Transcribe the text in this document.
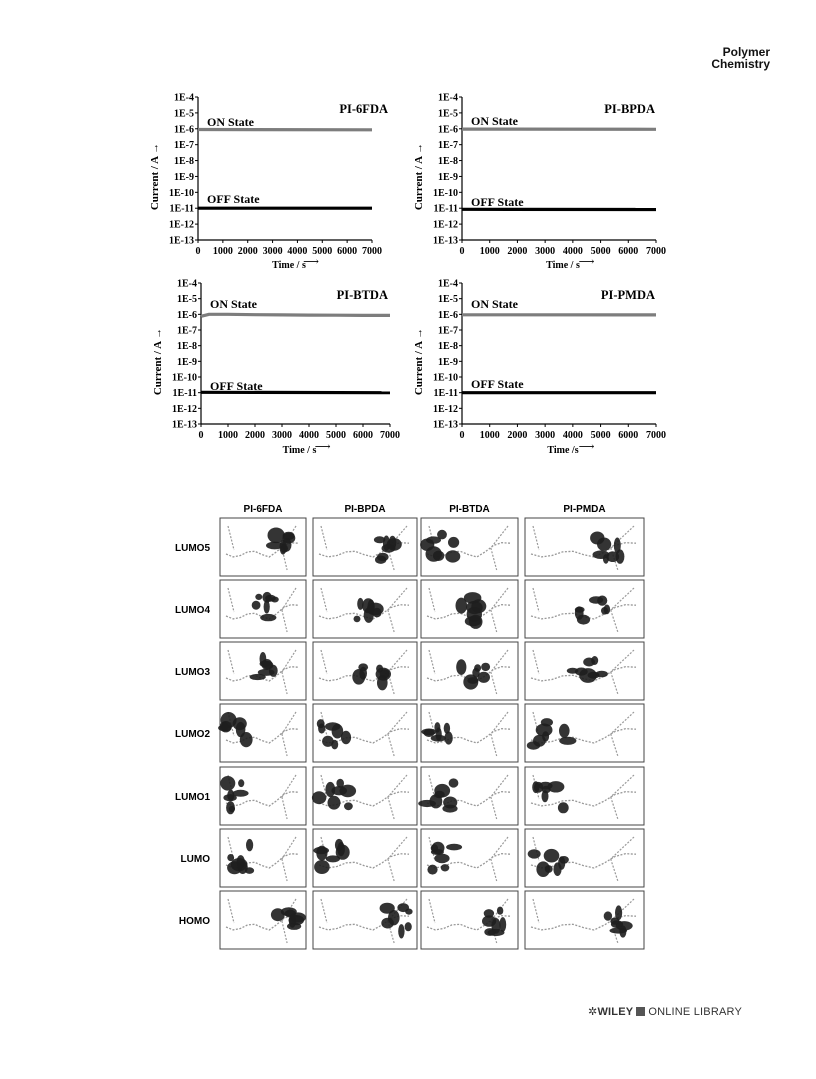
Polymer
Chemistry
1E-13
1E-12
1E-11
1E-10
1E-9
1E-8
1E-7
1E-6
1E-5
1E-4
0 1000 2000 3000 4000 5000 6000 7000
Time / s
⟶
Current / A →
PI-6FDA
ON State
OFF State
1E-13
1E-12
1E-11
1E-10
1E-9
1E-8
1E-7
1E-6
1E-5
1E-4
0 1000 2000 3000 4000 5000 6000 7000
Time / s
⟶
Current / A →
PI-BPDA
ON State
OFF State
1E-13
1E-12
1E-11
1E-10
1E-9
1E-8
1E-7
1E-6
1E-5
1E-4
0 1000 2000 3000 4000 5000 6000 7000
Time / s
⟶
Current / A →
PI-BTDA
ON State
OFF State
1E-13
1E-12
1E-11
1E-10
1E-9
1E-8
1E-7
1E-6
1E-5
1E-4
0 1000 2000 3000 4000 5000 6000 7000
Time /s ⟶
Current / A →
PI-PMDA
ON State
OFF State
PI-6FDA	PI-BPDA	PI-BTDA	PI-PMDA
LUMO5
LUMO4
LUMO3
LUMO2
LUMO1
LUMO
HOMO
✲WILEY ONLINE LIBRARY
